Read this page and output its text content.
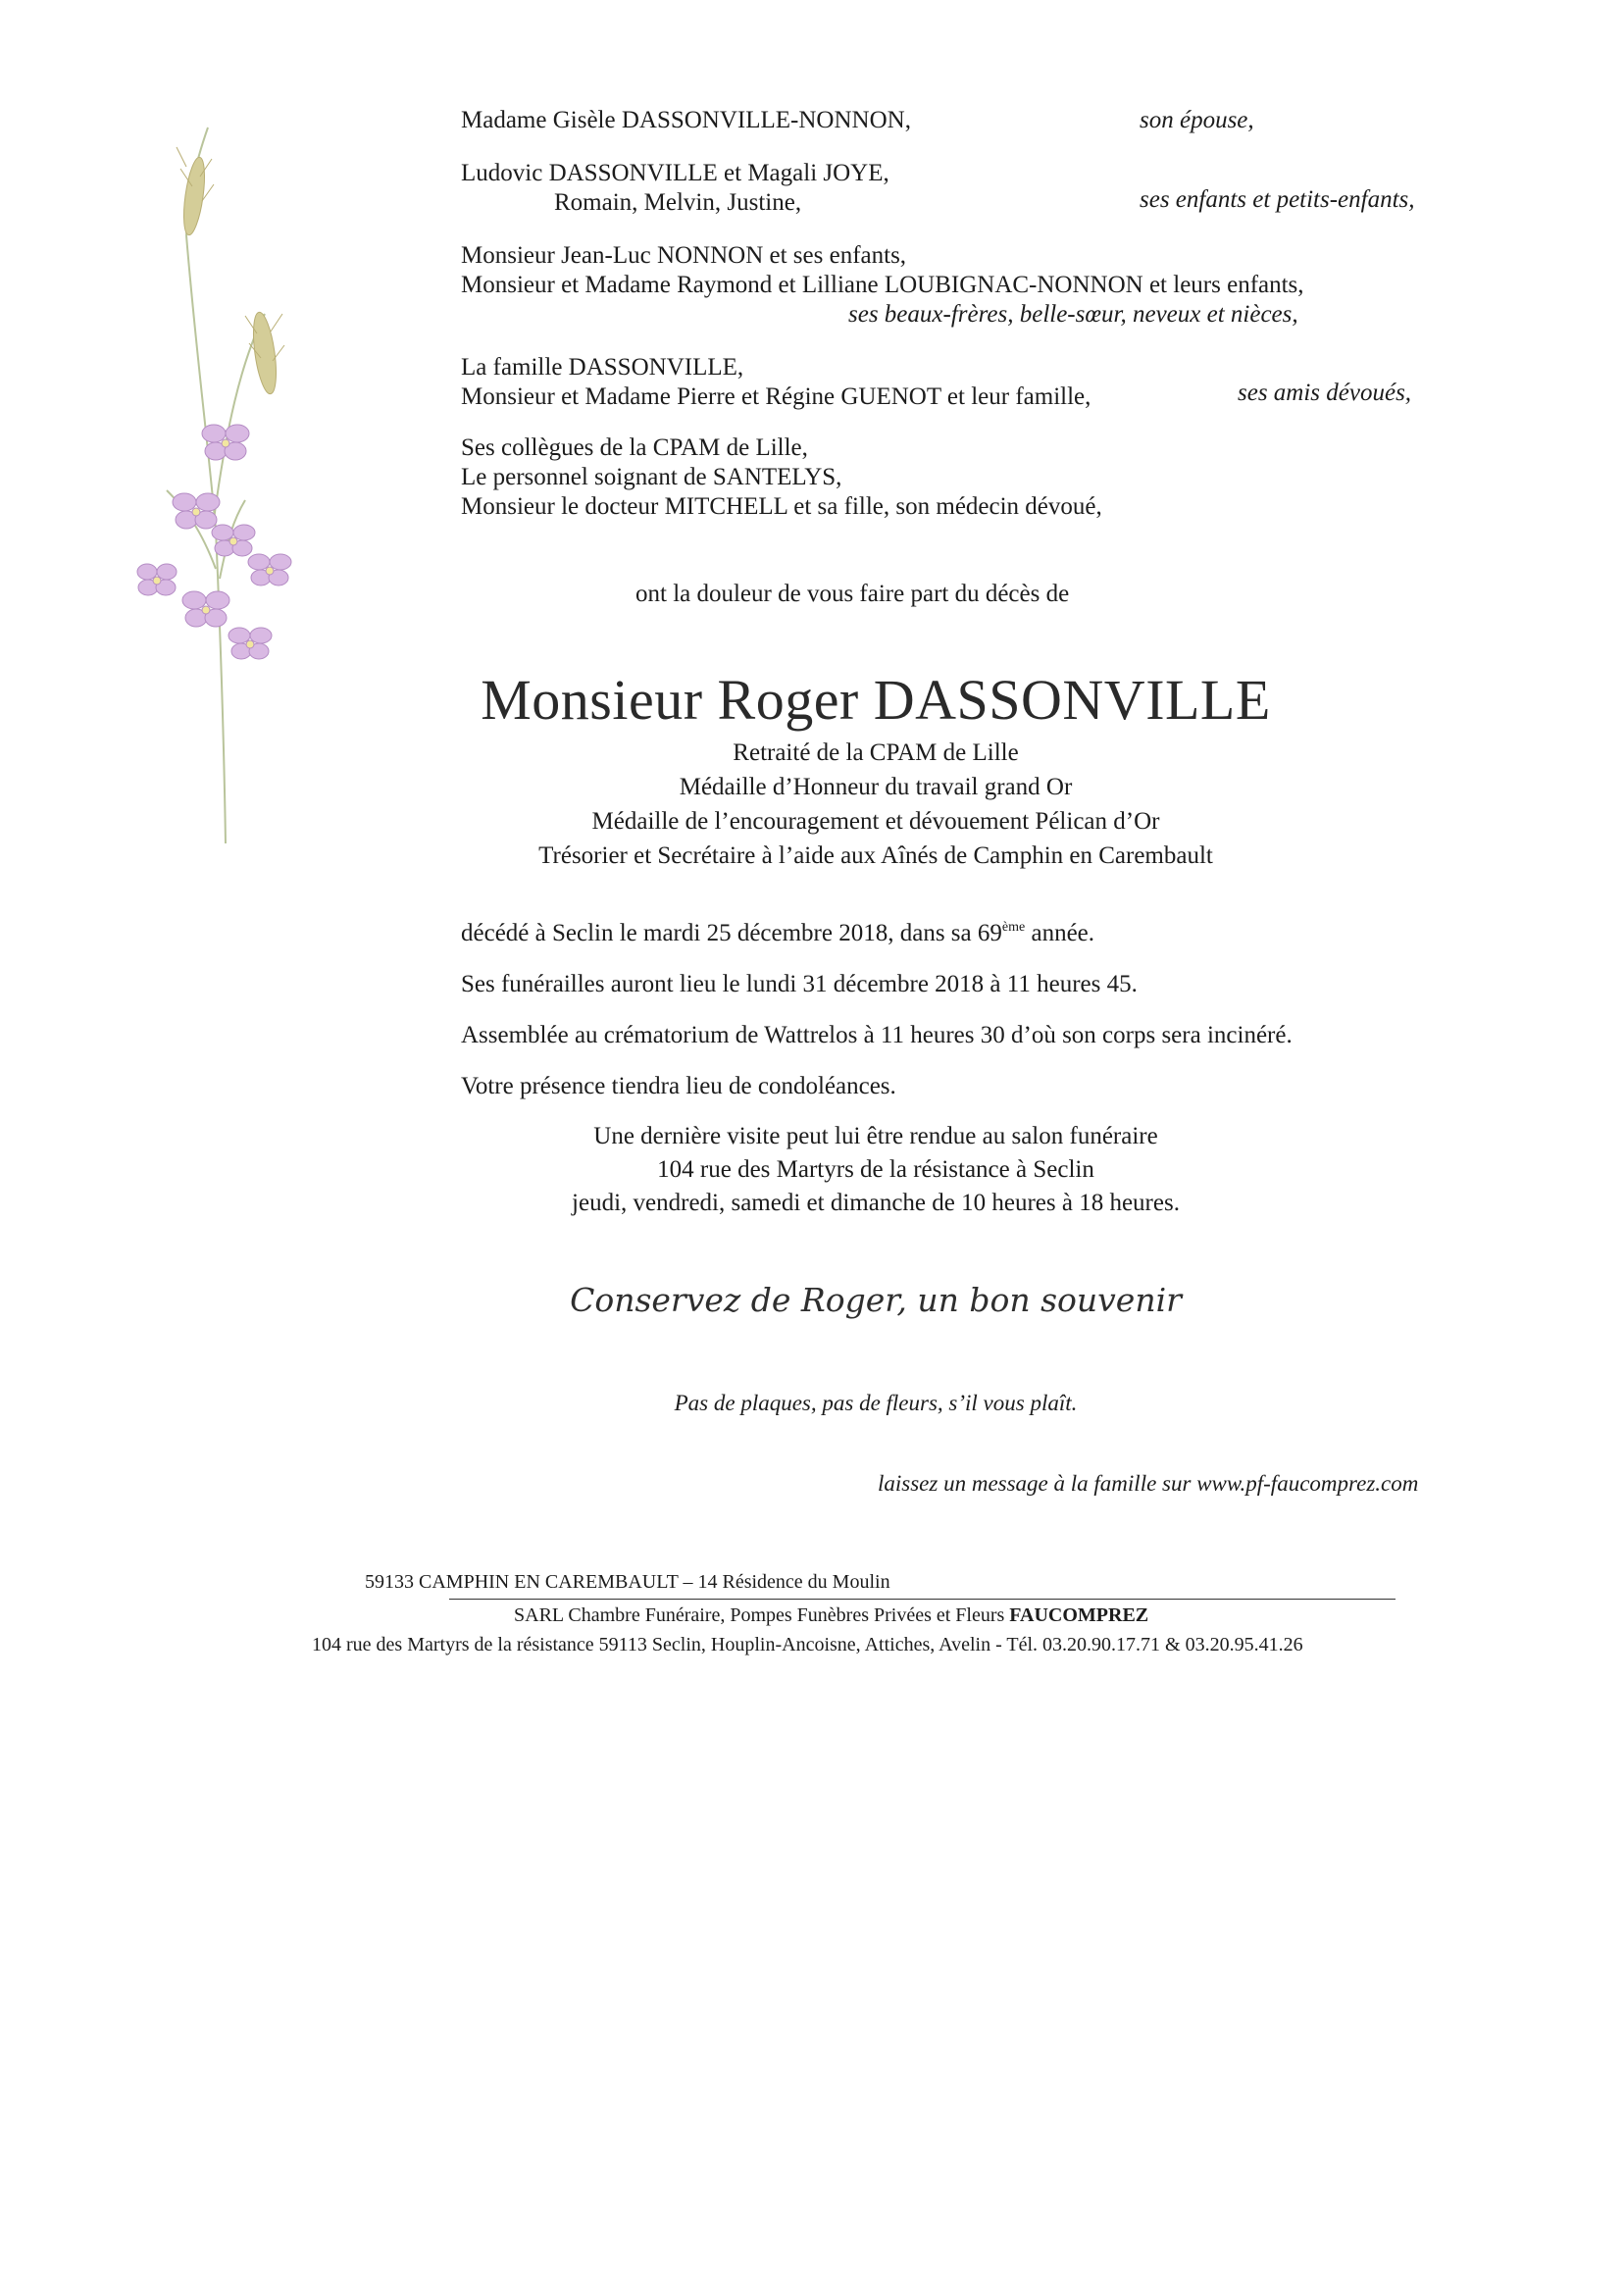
Madame Gisèle DASSONVILLE-NONNON,	son épouse,
Ludovic DASSONVILLE et Magali JOYE,
Romain, Melvin, Justine,	ses enfants et petits-enfants,
Monsieur Jean-Luc NONNON et ses enfants,
Monsieur et Madame Raymond et Lilliane LOUBIGNAC-NONNON et leurs enfants,
ses beaux-frères, belle-sœur, neveux et nièces,
La famille DASSONVILLE,
Monsieur et Madame Pierre et Régine GUENOT et leur famille,	ses amis dévoués,
Ses collègues de la CPAM de Lille,
Le personnel soignant de SANTELYS,
Monsieur le docteur MITCHELL et sa fille, son médecin dévoué,
ont la douleur de vous faire part du décès de
Monsieur Roger DASSONVILLE
Retraité de la CPAM de Lille
Médaille d’Honneur du travail grand Or
Médaille de l’encouragement et dévouement Pélican d’Or
Trésorier et Secrétaire à l’aide aux Aînés de Camphin en Carembault
décédé à Seclin le mardi 25 décembre 2018, dans sa 69ème année.
Ses funérailles auront lieu le lundi 31 décembre 2018 à 11 heures 45.
Assemblée au crématorium de Wattrelos à 11 heures 30 d’où son corps sera incinéré.
Votre présence tiendra lieu de condoléances.
Une dernière visite peut lui être rendue au salon funéraire
104 rue des Martyrs de la résistance à Seclin
jeudi, vendredi, samedi et dimanche de 10 heures à 18 heures.
Conservez de Roger, un bon souvenir
Pas de plaques, pas de fleurs, s’il vous plaît.
laissez un message à la famille sur www.pf-faucomprez.com
59133 CAMPHIN EN CAREMBAULT – 14 Résidence du Moulin
SARL Chambre Funéraire, Pompes Funèbres Privées et Fleurs FAUCOMPREZ
104 rue des Martyrs de la résistance 59113 Seclin, Houplin-Ancoisne, Attiches, Avelin - Tél. 03.20.90.17.71 & 03.20.95.41.26
